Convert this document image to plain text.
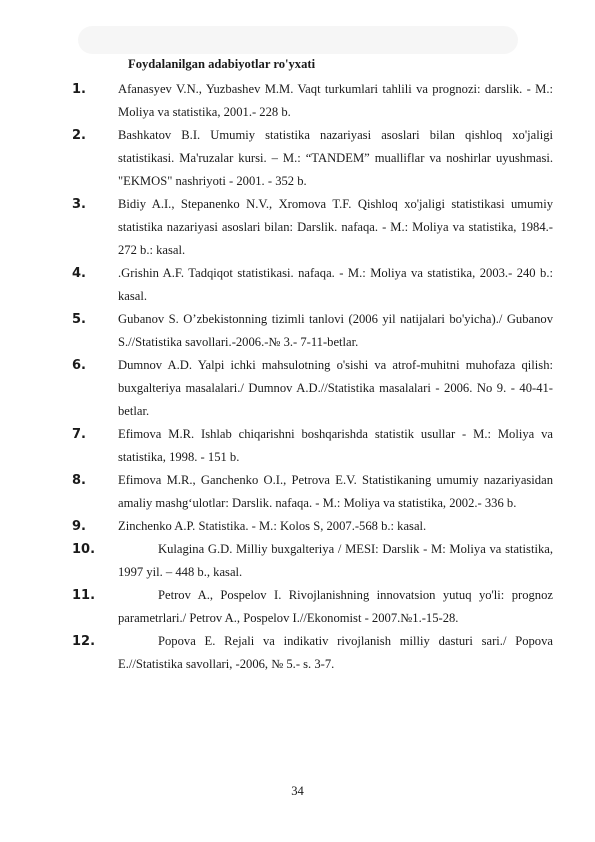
Foydalanilgan adabiyotlar ro'yxati
1.	Afanasyev V.N., Yuzbashev M.M. Vaqt turkumlari tahlili va prognozi: darslik. - M.: Moliya va statistika, 2001.- 228 b.
2.	Bashkatov B.I. Umumiy statistika nazariyasi asoslari bilan qishloq xo'jaligi statistikasi. Ma'ruzalar kursi. – M.: “TANDEM” mualliflar va noshirlar uyushmasi. "EKMOS" nashriyoti - 2001. - 352 b.
3.	Bidiy A.I., Stepanenko N.V., Xromova T.F. Qishloq xo'jaligi statistikasi umumiy statistika nazariyasi asoslari bilan: Darslik. nafaqa. - M.: Moliya va statistika, 1984.- 272 b.: kasal.
4.	.Grishin A.F. Tadqiqot statistikasi. nafaqa. - M.: Moliya va statistika, 2003.- 240 b.: kasal.
5.	Gubanov S. O’zbekistonning tizimli tanlovi (2006 yil natijalari bo'yicha)./ Gubanov S.//Statistika savollari.-2006.-№ 3.- 7-11-betlar.
6.	Dumnov A.D. Yalpi ichki mahsulotning o'sishi va atrof-muhitni muhofaza qilish: buxgalteriya masalalari./ Dumnov A.D.//Statistika masalalari - 2006. No 9. - 40-41-betlar.
7.	Efimova M.R. Ishlab chiqarishni boshqarishda statistik usullar - M.: Moliya va statistika, 1998. - 151 b.
8.	Efimova M.R., Ganchenko O.I., Petrova E.V. Statistikaning umumiy nazariyasidan amaliy mashg‘ulotlar: Darslik. nafaqa. - M.: Moliya va statistika, 2002.- 336 b.
9.	Zinchenko A.P. Statistika. - M.: Kolos S, 2007.-568 b.: kasal.
10.	Kulagina G.D. Milliy buxgalteriya / MESI: Darslik - M: Moliya va statistika, 1997 yil. – 448 b., kasal.
11.	Petrov A., Pospelov I. Rivojlanishning innovatsion yutuq yo'li: prognoz parametrlari./ Petrov A., Pospelov I.//Ekonomist - 2007.№1.-15-28.
12.	Popova E. Rejali va indikativ rivojlanish milliy dasturi sari./ Popova E.//Statistika savollari, -2006, № 5.- s. 3-7.
34
